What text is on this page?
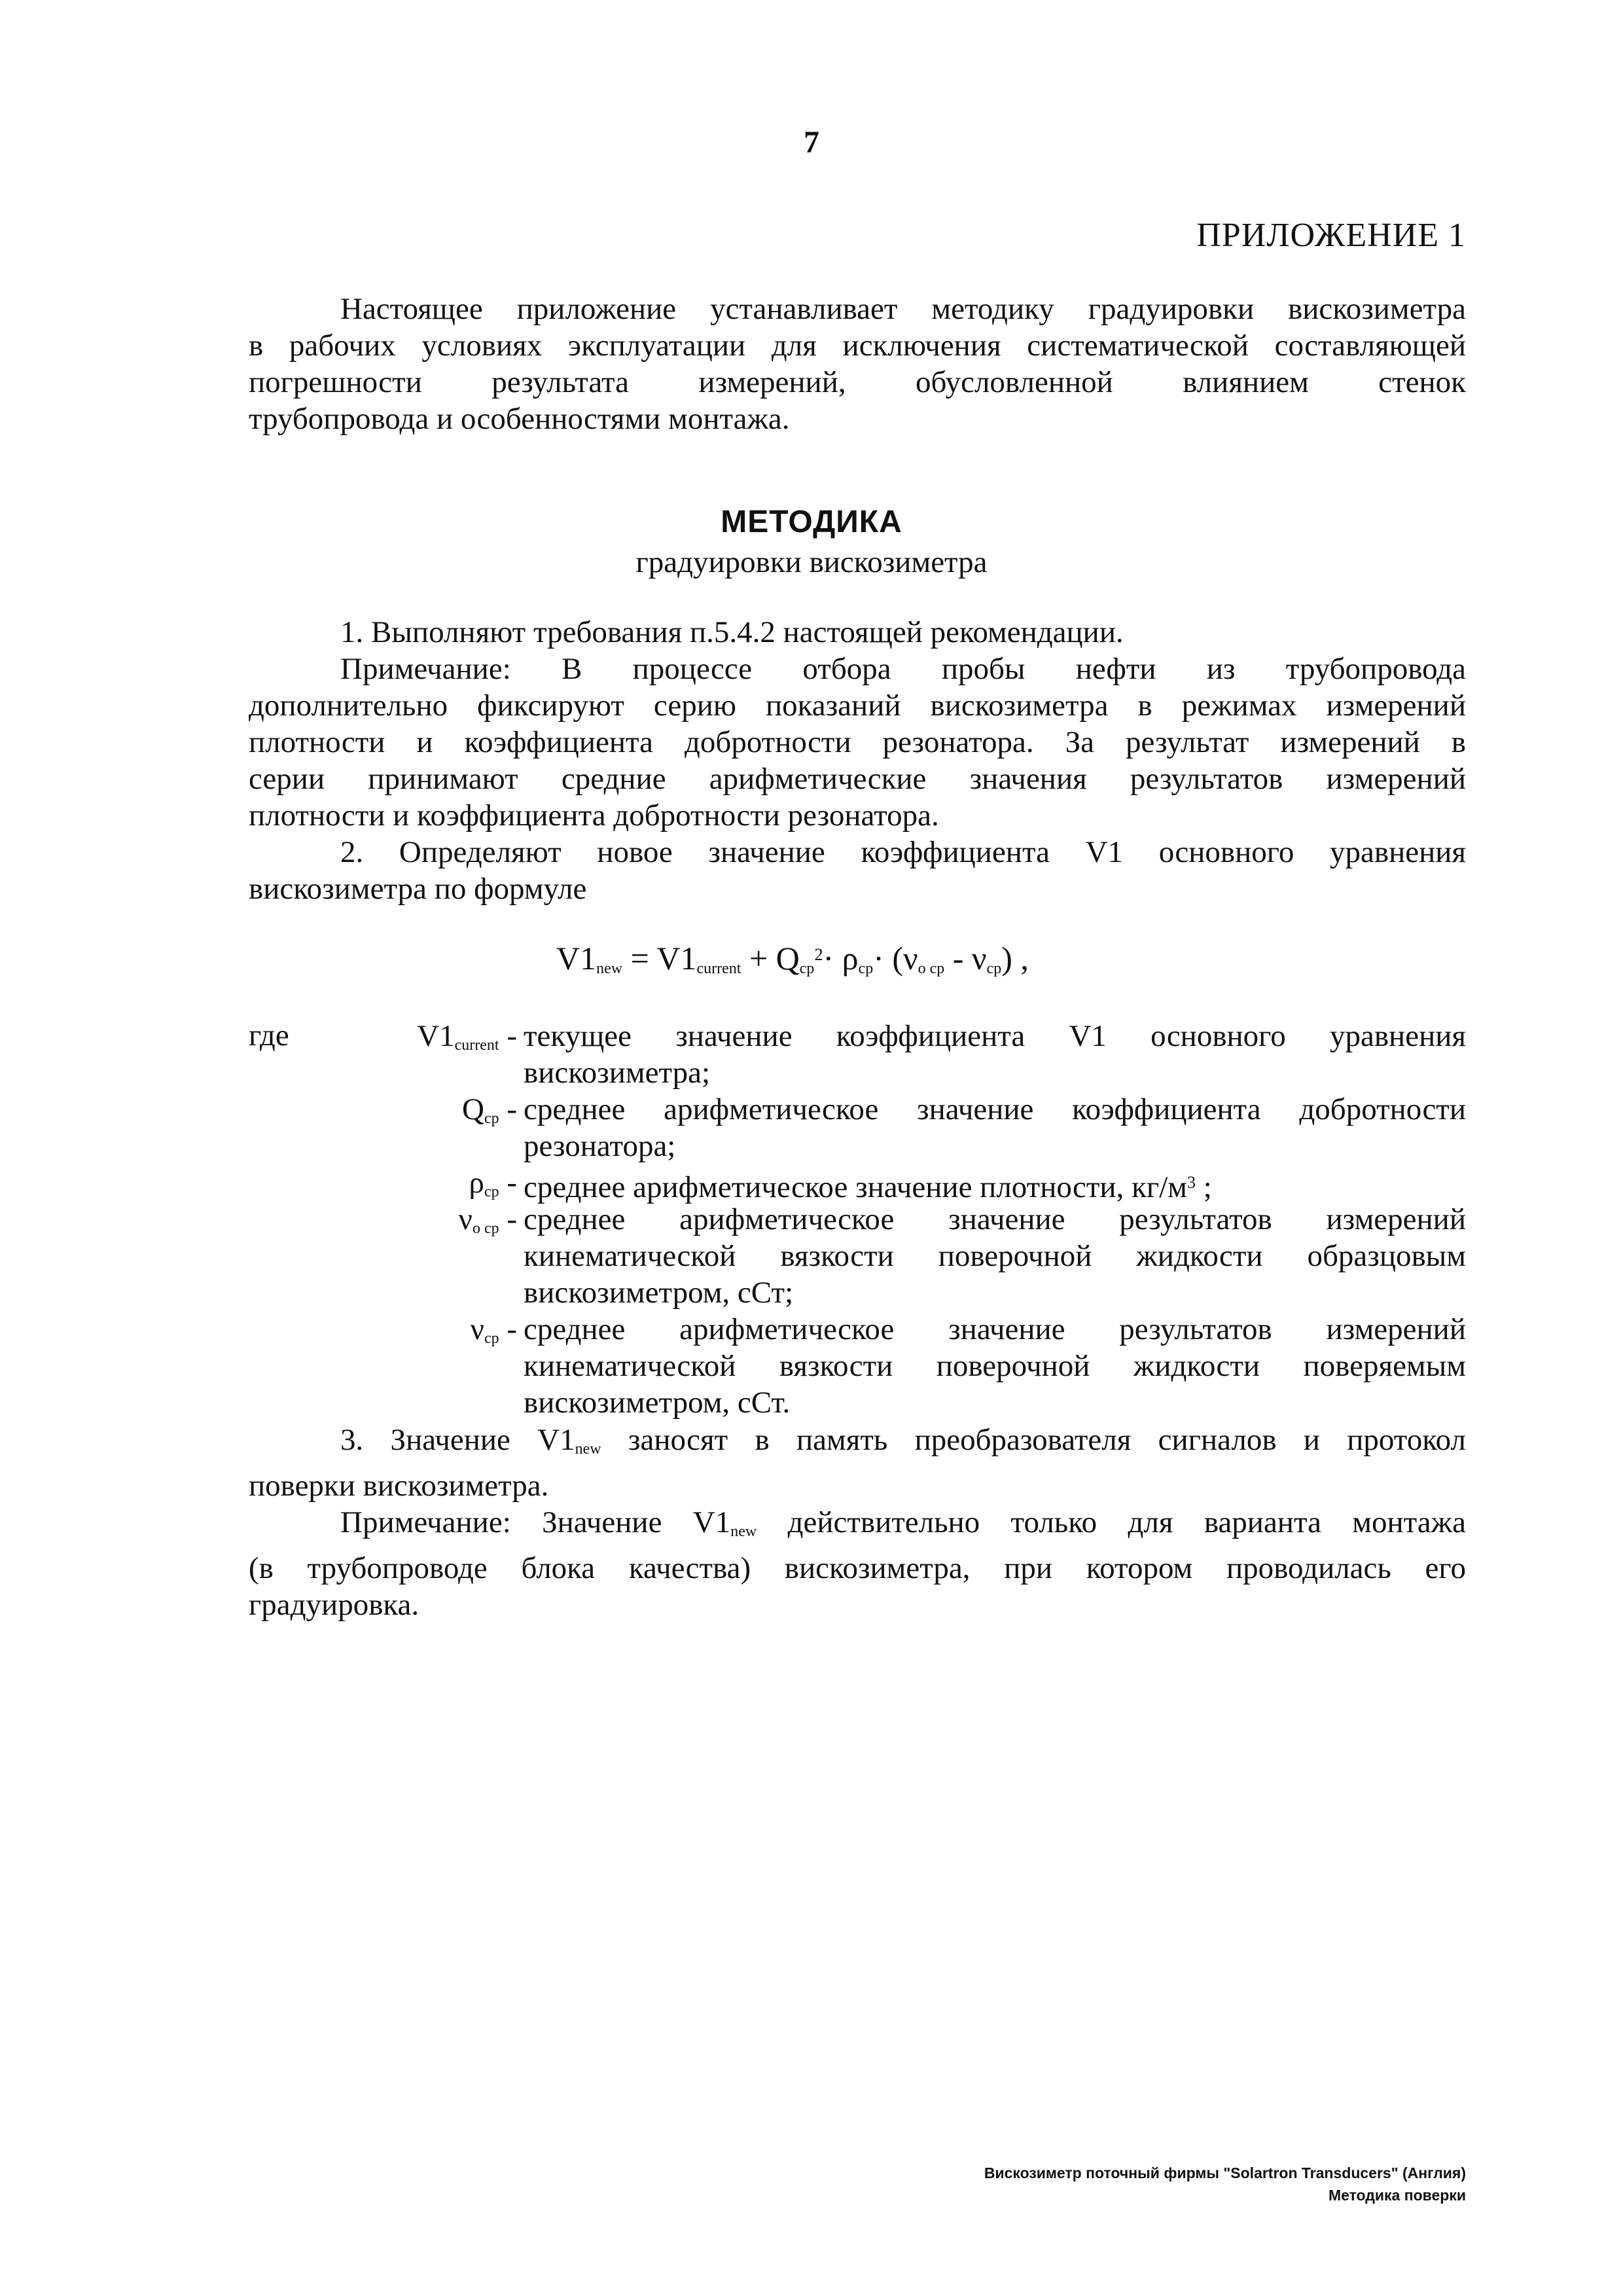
7
ПРИЛОЖЕНИЕ 1
Настоящее приложение устанавливает методику градуировки вискозиметра
в рабочих условиях эксплуатации для исключения систематической составляющей
погрешности результата измерений, обусловленной влиянием стенок
трубопровода и особенностями монтажа.
МЕТОДИКА
градуировки вискозиметра
1. Выполняют требования п.5.4.2 настоящей рекомендации.
Примечание: В процессе отбора пробы нефти из трубопровода
дополнительно фиксируют серию показаний вискозиметра в режимах измерений
плотности и коэффициента добротности резонатора. За результат измерений в
серии принимают средние арифметические значения результатов измерений
плотности и коэффициента добротности резонатора.
2. Определяют новое значение коэффициента V1 основного уравнения
вискозиметра по формуле
$V1_{new} = V1_{current} + Q_{ср}^2\cdot \rho_{ср}\cdot (\nu_{о ср} - \nu_{ср})$ ,
где	$V1_{current}$ - текущее значение коэффициента V1 основного уравнения
вискозиметра;
$Q_{ср}$ - среднее арифметическое значение коэффициента добротности
резонатора;
$\rho_{ср}$ - среднее арифметическое значение плотности, $кг/м^3$ ;
$\nu_{о ср}$ - среднее арифметическое значение результатов измерений
кинематической вязкости поверочной жидкости образцовым
вискозиметром, сСт;
$\nu_{ср}$ - среднее арифметическое значение результатов измерений
кинематической вязкости поверочной жидкости поверяемым
вискозиметром, сСт.
3. Значение $V1_{new}$ заносят в память преобразователя сигналов и протокол
поверки вискозиметра.
Примечание: Значение $V1_{new}$ действительно только для варианта монтажа
(в трубопроводе блока качества) вискозиметра, при котором проводилась его
градуировка.
Вискозиметр поточный фирмы "Solartron Transducers" (Англия)
Методика поверки
